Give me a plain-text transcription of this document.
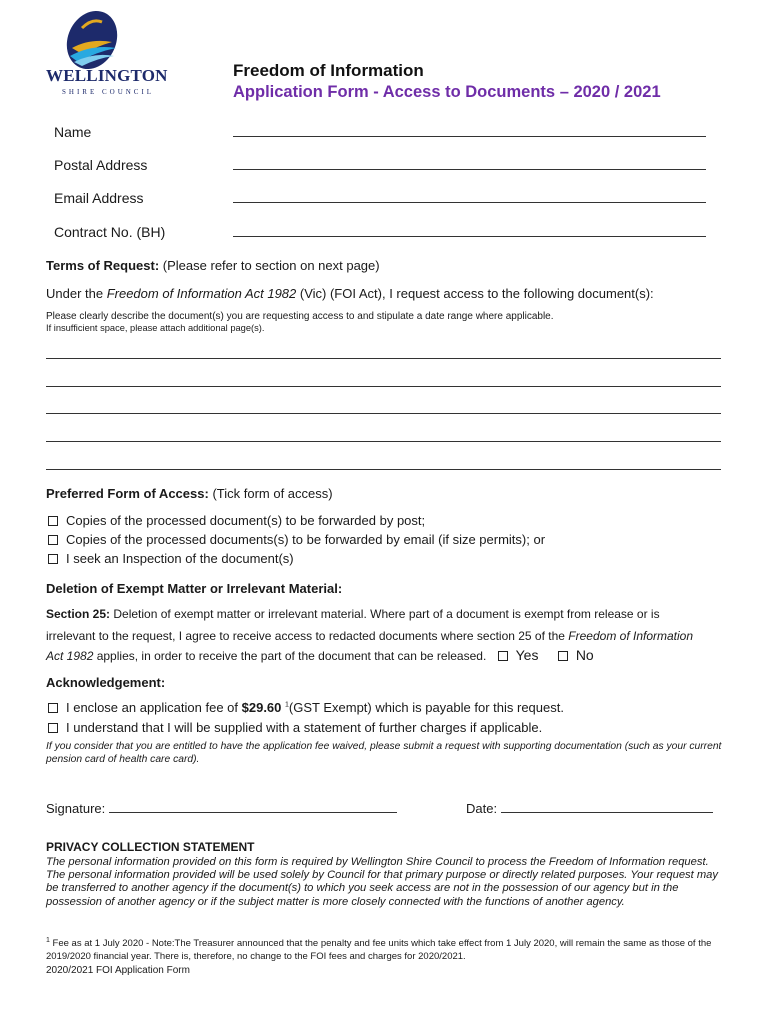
WELLINGTON
SHIRE COUNCIL
Freedom of Information
Application Form - Access to Documents – 2020 / 2021
Name
Postal Address
Email Address
Contract No. (BH)
Terms of Request: (Please refer to section on next page)
Under the Freedom of Information Act 1982 (Vic) (FOI Act), I request access to the following document(s):
Please clearly describe the document(s) you are requesting access to and stipulate a date range where applicable.
If insufficient space, please attach additional page(s).
Preferred Form of Access: (Tick form of access)
Copies of the processed document(s) to be forwarded by post;
Copies of the processed documents(s) to be forwarded by email (if size permits); or
I seek an Inspection of the document(s)
Deletion of Exempt Matter or Irrelevant Material:
Section 25: Deletion of exempt matter or irrelevant material. Where part of a document is exempt from release or is
irrelevant to the request, I agree to receive access to redacted documents where section 25 of the Freedom of Information
Act 1982 applies, in order to receive the part of the document that can be released. Yes	No
Acknowledgement:
I enclose an application fee of $29.60 $^1$(GST Exempt) which is payable for this request.
I understand that I will be supplied with a statement of further charges if applicable.
If you consider that you are entitled to have the application fee waived, please submit a request with supporting documentation (such as your current pension card of health care card).
Signature:	Date:
PRIVACY COLLECTION STATEMENT
The personal information provided on this form is required by Wellington Shire Council to process the Freedom of Information request. The personal information provided will be used solely by Council for that primary purpose or directly related purposes. Your request may be transferred to another agency if the document(s) to which you seek access are not in the possession of our agency but in the possession of another agency or if the subject matter is more closely connected with the functions of another agency.
$^1$ Fee as at 1 July 2020 - Note:The Treasurer announced that the penalty and fee units which take effect from 1 July 2020, will remain the same as those of the 2019/2020 financial year. There is, therefore, no change to the FOI fees and charges for 2020/2021.
2020/2021 FOI Application Form
